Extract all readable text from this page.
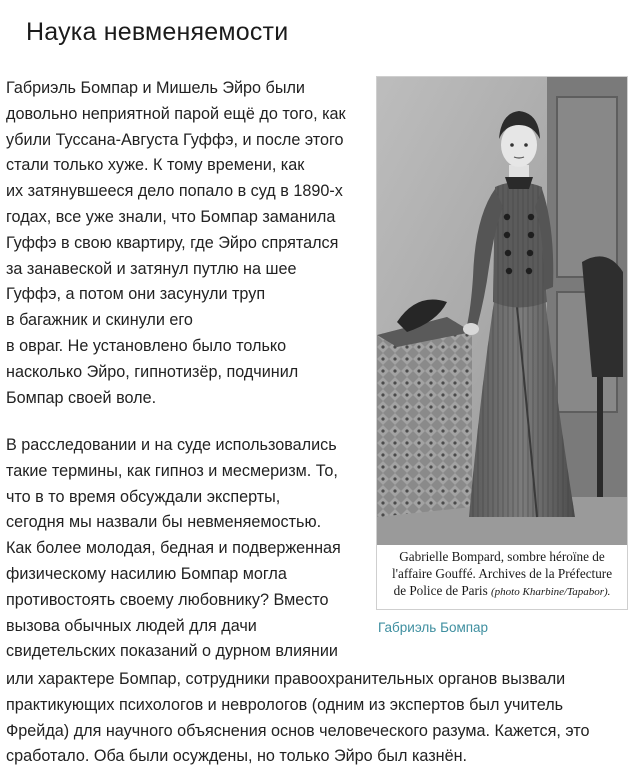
Наука невменяемости
Габриэль Бомпар и Мишель Эйро были
довольно неприятной парой ещё до того, как
убили Туссана-Августа Гуффэ, и после этого
стали только хуже. К тому времени, как
их затянувшееся дело попало в суд в 1890-х
годах, все уже знали, что Бомпар заманила
Гуффэ в свою квартиру, где Эйро спрятался
за занавеской и затянул путлю на шее
Гуффэ, а потом они засунули труп
в багажник и скинули его
в овраг. Не установлено было только
насколько Эйро, гипнотизёр, подчинил
Бомпар своей воле.
В расследовании и на суде использовались
такие термины, как гипноз и месмеризм. То,
что в то время обсуждали эксперты,
сегодня мы назвали бы невменяемостью.
Как более молодая, бедная и подверженная
физическому насилию Бомпар могла
противостоять своему любовнику? Вместо
вызова обычных людей для дачи
свидетельских показаний о дурном влиянии
или характере Бомпар, сотрудники правоохранительных органов вызвали
практикующих психологов и неврологов (одним из экспертов был учитель
Фрейда) для научного объяснения основ человеческого разума. Кажется, это
сработало. Оба были осуждены, но только Эйро был казнён.
Gabrielle Bompard, sombre héroïne de
l'affaire Gouffé. Archives de la Préfecture
de Police de Paris (photo Kharbine/Tapabor).
Габриэль Бомпар
